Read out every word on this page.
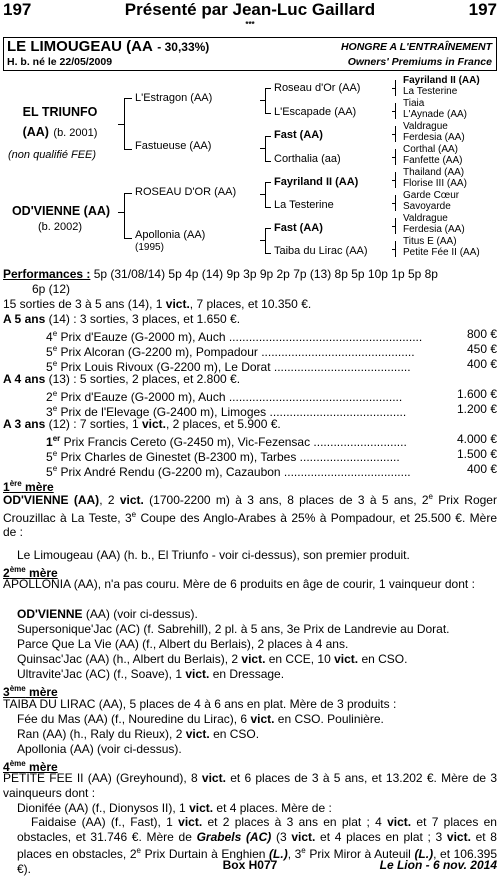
197	Présenté par Jean-Luc Gaillard	197
***
LE LIMOUGEAU (AA - 30,33%)	HONGRE A L'ENTRAÎNEMENT
H. b. né le 22/05/2009	Owners' Premiums in France
EL TRIUNFO
(AA) (b. 2001)
(non qualifié FEE)
OD'VIENNE (AA)
(b. 2002)
L'Estragon (AA)
Fastueuse (AA)
ROSEAU D'OR (AA)
Apollonia (AA)
(1995)
Roseau d'Or (AA)
L'Escapade (AA)
Fast (AA)
Corthalia (aa)
Fayriland II (AA)
La Testerine
Fast (AA)
Taiba du Lirac (AA)
Fayriland II (AA)
La Testerine
Tiaia
L'Aynade (AA)
Valdrague
Ferdesia (AA)
Corthal (AA)
Fanfette (AA)
Thailand (AA)
Florise III (AA)
Garde Cœur
Savoyarde
Valdrague
Ferdesia (AA)
Titus E (AA)
Petite Fée II (AA)
Performances : 5p (31/08/14) 5p 4p (14) 9p 3p 9p 2p 7p (13) 8p 5p 10p 1p 5p 8p
6p (12)
15 sorties de 3 à 5 ans (14), 1 vict., 7 places, et 10.350 €.
A 5 ans (14) : 3 sorties, 3 places, et 1.650 €.
4e Prix d'Eauze (G-2000 m), Auch ..........................................................	800 €
5e Prix Alcoran (G-2200 m), Pompadour ..............................................	450 €
5e Prix Louis Rivoux (G-2200 m), Le Dorat .........................................	400 €
A 4 ans (13) : 5 sorties, 2 places, et 2.800 €.
2e Prix d'Eauze (G-2000 m), Auch ....................................................	1.600 €
3e Prix de l'Elevage (G-2400 m), Limoges .........................................	1.200 €
A 3 ans (12) : 7 sorties, 1 vict., 2 places, et 5.900 €.
1er Prix Francis Cereto (G-2450 m), Vic-Fezensac ............................	4.000 €
5e Prix Charles de Ginestet (B-2300 m), Tarbes ..............................	1.500 €
5e Prix André Rendu (G-2200 m), Cazaubon ......................................	400 €
1ère mère
OD'VIENNE (AA), 2 vict. (1700-2200 m) à 3 ans, 8 places de 3 à 5 ans, 2e Prix Roger Crouzillac à La Teste, 3e Coupe des Anglo-Arabes à 25% à Pompadour, et 25.500 €. Mère de :
Le Limougeau (AA) (h. b., El Triunfo - voir ci-dessus), son premier produit.
2ème mère
APOLLONIA (AA), n'a pas couru. Mère de 6 produits en âge de courir, 1 vainqueur dont :
OD'VIENNE (AA) (voir ci-dessus).
Supersonique'Jac (AC) (f. Sabrehill), 2 pl. à 5 ans, 3e Prix de Landrevie au Dorat.
Parce Que La Vie (AA) (f., Albert du Berlais), 2 places à 4 ans.
Quinsac'Jac (AA) (h., Albert du Berlais), 2 vict. en CCE, 10 vict. en CSO.
Ultravite'Jac (AC) (f., Soave), 1 vict. en Dressage.
3ème mère
TAIBA DU LIRAC (AA), 5 places de 4 à 6 ans en plat. Mère de 3 produits :
Fée du Mas (AA) (f., Nouredine du Lirac), 6 vict. en CSO. Poulinière.
Ran (AA) (h., Raly du Rieux), 2 vict. en CSO.
Apollonia (AA) (voir ci-dessus).
4ème mère
PETITE FEE II (AA) (Greyhound), 8 vict. et 6 places de 3 à 5 ans, et 13.202 €. Mère de 3 vainqueurs dont :
Dionifée (AA) (f., Dionysos II), 1 vict. et 4 places. Mère de :
Faidaise (AA) (f., Fast), 1 vict. et 2 places à 3 ans en plat ; 4 vict. et 7 places en obstacles, et 31.746 €. Mère de Grabels (AC) (3 vict. et 4 places en plat ; 3 vict. et 8 places en obstacles, 2e Prix Durtain à Enghien (L.), 3e Prix Miror à Auteuil (L.), et 106.395 €).	Box H077	Le Lion - 6 nov. 2014
